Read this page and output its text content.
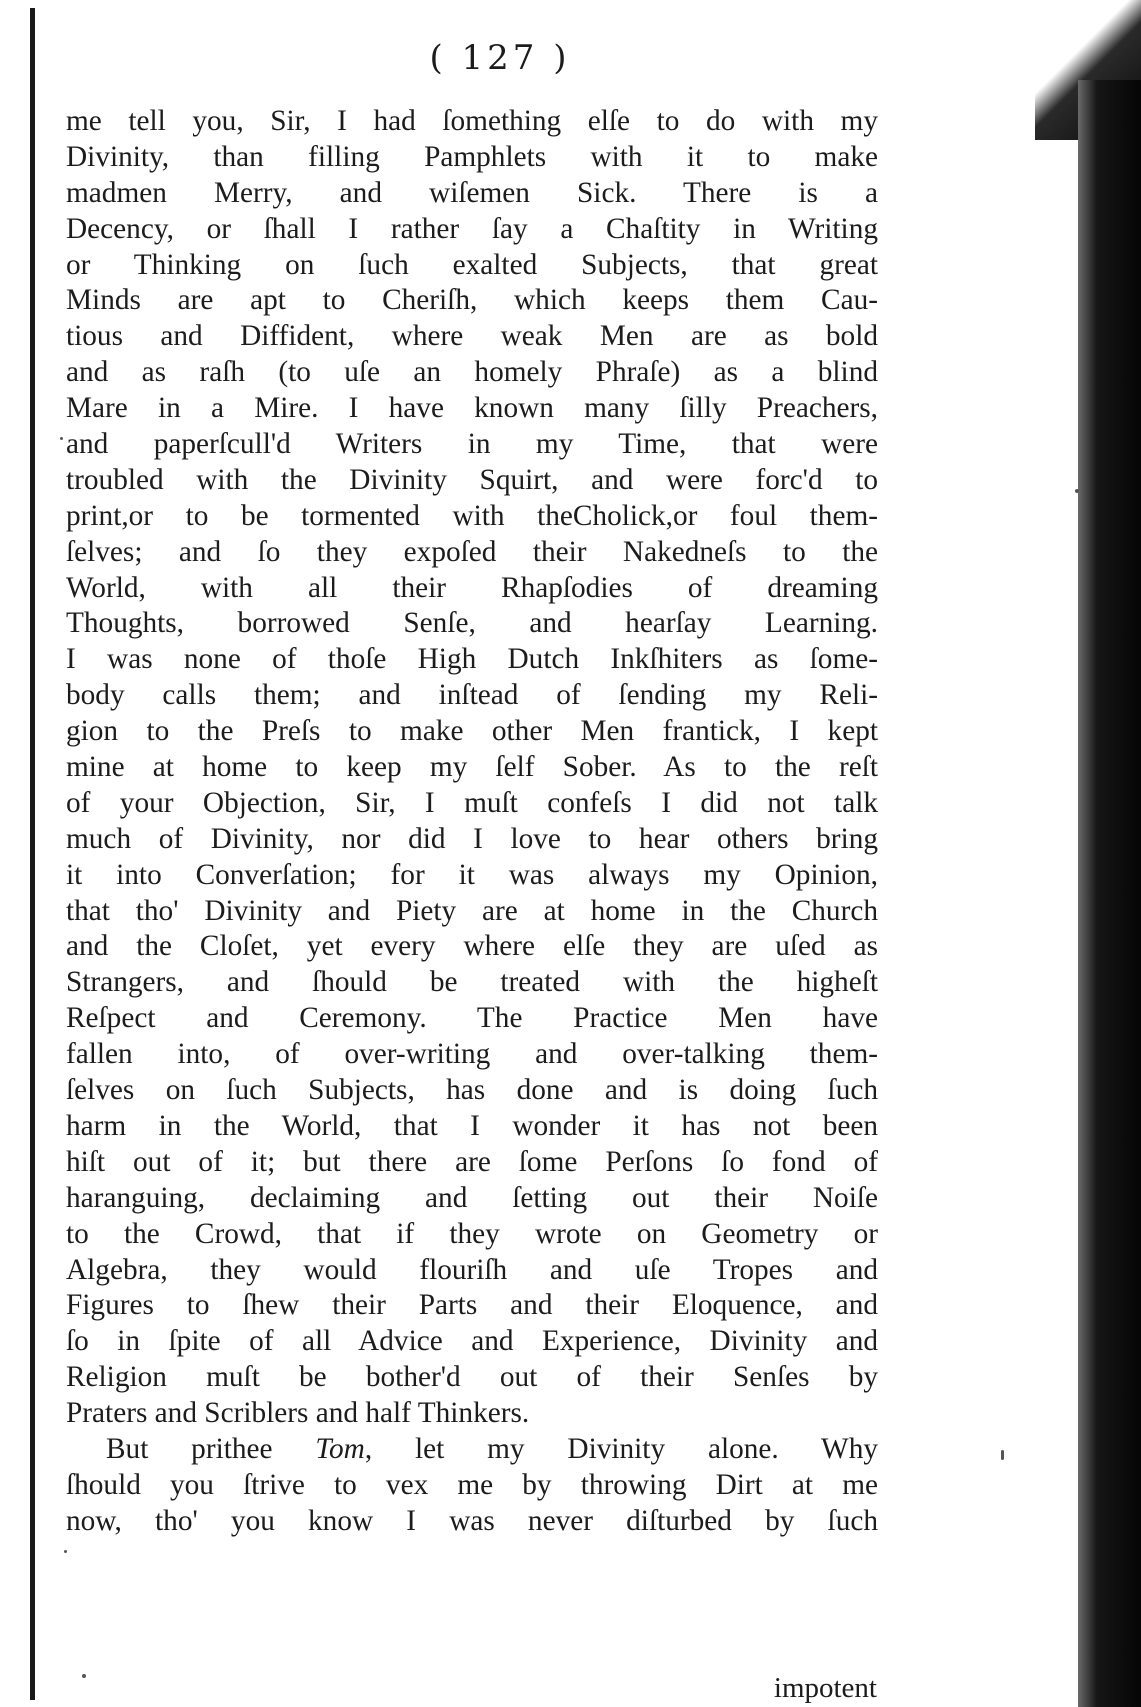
( 127 )
me tell you, Sir, I had ſomething elſe to do with my
Divinity, than filling Pamphlets with it to make
madmen Merry, and wiſemen Sick. There is a
Decency, or ſhall I rather ſay a Chaſtity in Writing
or Thinking on ſuch exalted Subjects, that great
Minds are apt to Cheriſh, which keeps them Cau-
tious and Diffident, where weak Men are as bold
and as raſh (to uſe an homely Phraſe) as a blind
Mare in a Mire. I have known many ſilly Preachers,
and paperſcull'd Writers in my Time, that were
troubled with the Divinity Squirt, and were forc'd to
print,or to be tormented with theCholick,or foul them-
ſelves; and ſo they expoſed their Nakedneſs to the
World, with all their Rhapſodies of dreaming
Thoughts, borrowed Senſe, and hearſay Learning.
I was none of thoſe High Dutch Inkſhiters as ſome-
body calls them; and inſtead of ſending my Reli-
gion to the Preſs to make other Men frantick, I kept
mine at home to keep my ſelf Sober. As to the reſt
of your Objection, Sir, I muſt confeſs I did not talk
much of Divinity, nor did I love to hear others bring
it into Converſation; for it was always my Opinion,
that tho' Divinity and Piety are at home in the Church
and the Cloſet, yet every where elſe they are uſed as
Strangers, and ſhould be treated with the higheſt
Reſpect and Ceremony. The Practice Men have
fallen into, of over-writing and over-talking them-
ſelves on ſuch Subjects, has done and is doing ſuch
harm in the World, that I wonder it has not been
hiſt out of it; but there are ſome Perſons ſo fond of
haranguing, declaiming and ſetting out their Noiſe
to the Crowd, that if they wrote on Geometry or
Algebra, they would flouriſh and uſe Tropes and
Figures to ſhew their Parts and their Eloquence, and
ſo in ſpite of all Advice and Experience, Divinity and
Religion muſt be bother'd out of their Senſes by
Praters and Scriblers and half Thinkers.
But prithee Tom, let my Divinity alone. Why
ſhould you ſtrive to vex me by throwing Dirt at me
now, tho' you know I was never diſturbed by ſuch
impotent
